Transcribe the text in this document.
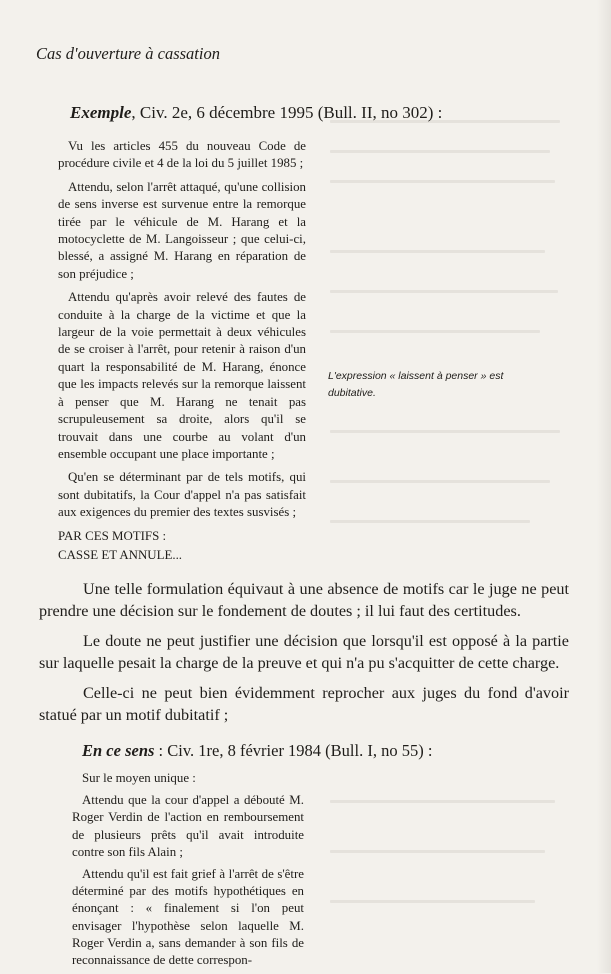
Cas d'ouverture à cassation
Exemple, Civ. 2e, 6 décembre 1995 (Bull. II, no 302) :

Vu les articles 455 du nouveau Code de procédure civile et 4 de la loi du 5 juillet 1985 ;

Attendu, selon l'arrêt attaqué, qu'une collision de sens inverse est survenue entre la remorque tirée par le véhicule de M. Harang et la motocyclette de M. Langoisseur ; que celui-ci, blessé, a assigné M. Harang en réparation de son préjudice ;

Attendu qu'après avoir relevé des fautes de conduite à la charge de la victime et que la largeur de la voie permettait à deux véhicules de se croiser à l'arrêt, pour retenir à raison d'un quart la responsabilité de M. Harang, énonce que les impacts relevés sur la remorque laissent à penser que M. Harang ne tenait pas scrupuleusement sa droite, alors qu'il se trouvait dans une courbe au volant d'un ensemble occupant une place importante ;

Qu'en se déterminant par de tels motifs, qui sont dubitatifs, la Cour d'appel n'a pas satisfait aux exigences du premier des textes susvisés ;

PAR CES MOTIFS :

CASSE ET ANNULE...

L'expression « laissent à penser » est dubitative.

Une telle formulation équivaut à une absence de motifs car le juge ne peut prendre une décision sur le fondement de doutes ; il lui faut des certitudes.

Le doute ne peut justifier une décision que lorsqu'il est opposé à la partie sur laquelle pesait la charge de la preuve et qui n'a pu s'acquitter de cette charge.

Celle-ci ne peut bien évidemment reprocher aux juges du fond d'avoir statué par un motif dubitatif ;

En ce sens : Civ. 1re, 8 février 1984 (Bull. I, no 55) :

Sur le moyen unique :

Attendu que la cour d'appel a débouté M. Roger Verdin de l'action en remboursement de plusieurs prêts qu'il avait introduite contre son fils Alain ;

Attendu qu'il est fait grief à l'arrêt de s'être déterminé par des motifs hypothétiques en énonçant : « finalement si l'on peut envisager l'hypothèse selon laquelle M. Roger Verdin a, sans demander à son fils de reconnaissance de dette correspon-
